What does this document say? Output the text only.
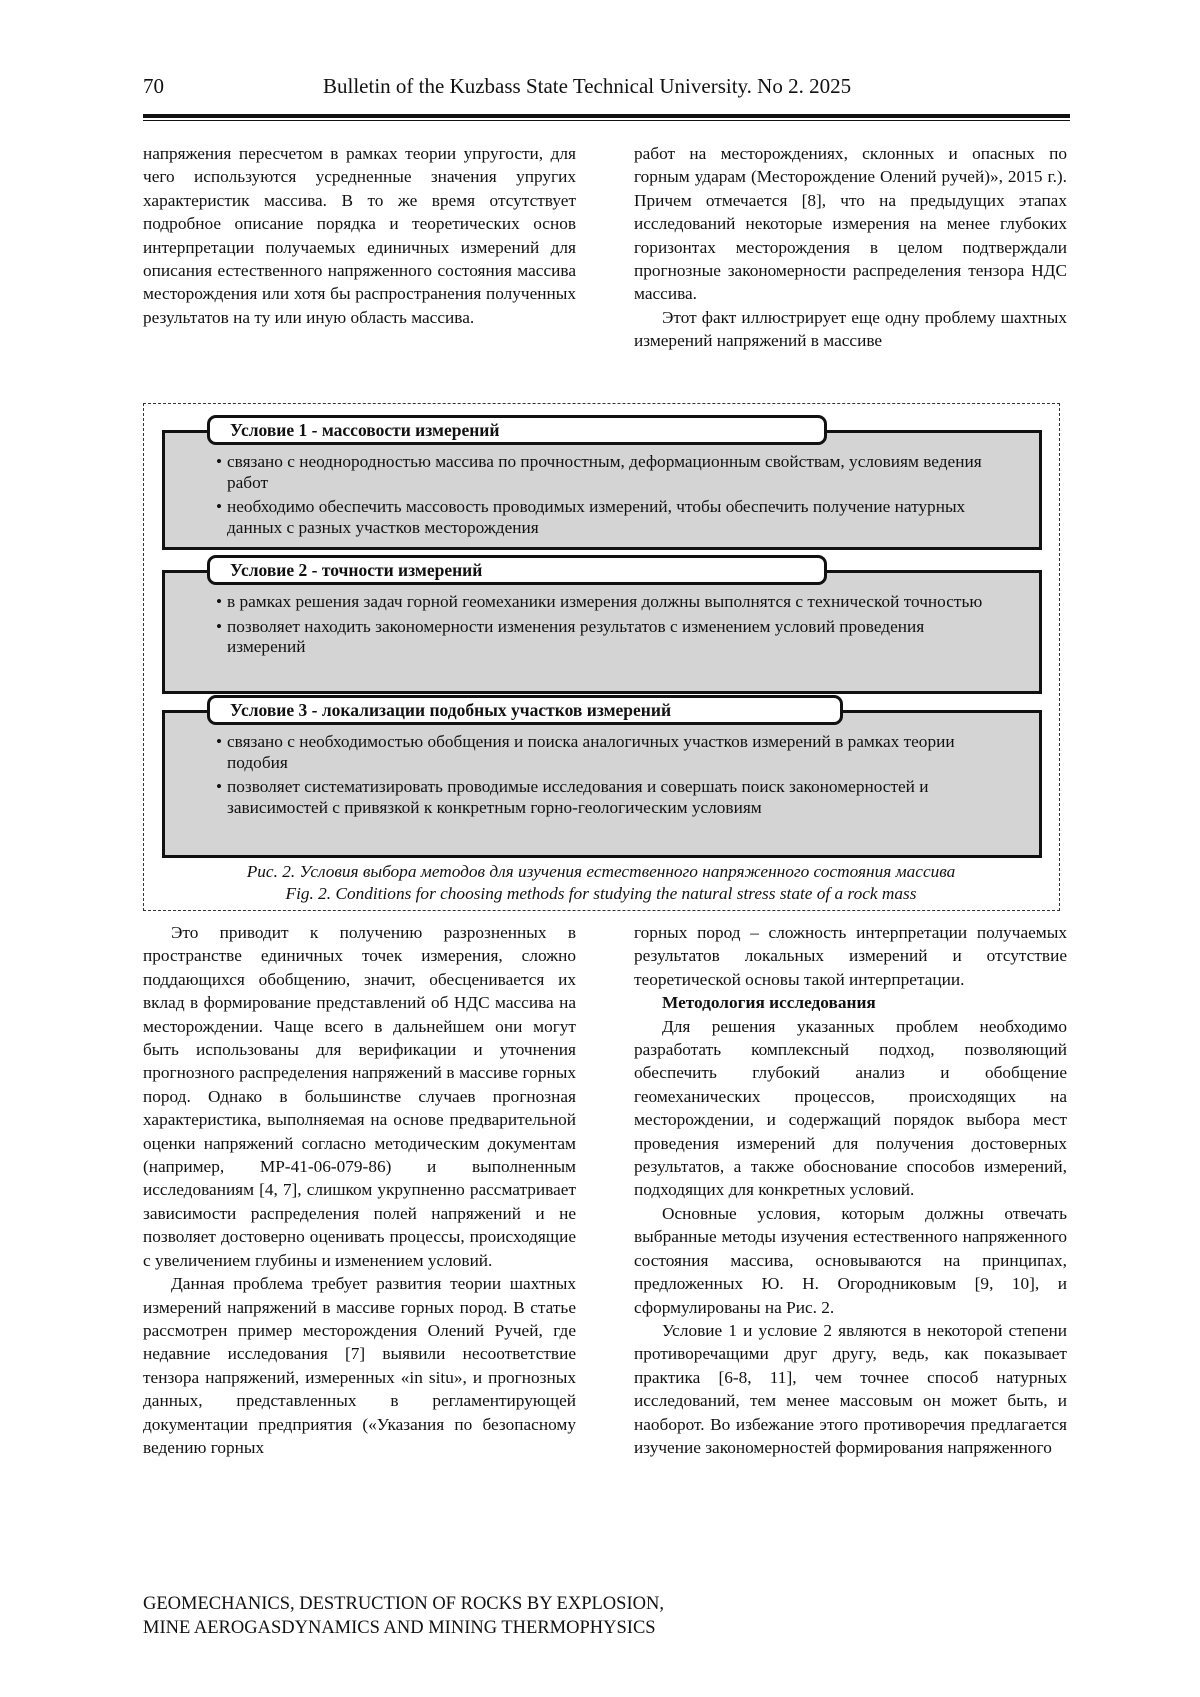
70	Bulletin of the Kuzbass State Technical University. No 2. 2025

напряжения пересчетом в рамках теории упругости, для чего используются усредненные значения упругих характеристик массива. В то же время отсутствует подробное описание порядка и теоретических основ интерпретации получаемых единичных измерений для описания естественного напряженного состояния массива месторождения или хотя бы распространения полученных результатов на ту или иную область массива.

работ на месторождениях, склонных и опасных по горным ударам (Месторождение Олений ручей)», 2015 г.). Причем отмечается [8], что на предыдущих этапах исследований некоторые измерения на менее глубоких горизонтах месторождения в целом подтверждали прогнозные закономерности распределения тензора НДС массива.

Этот факт иллюстрирует еще одну проблему шахтных измерений напряжений в массиве

Условие 1 - массовости измерений
• связано с неоднородностью массива по прочностным, деформационным свойствам, условиям ведения работ
• необходимо обеспечить массовость проводимых измерений, чтобы обеспечить получение натурных данных с разных участков месторождения
Условие 2 - точности измерений
• в рамках решения задач горной геомеханики измерения должны выполнятся с технической точностью
• позволяет находить закономерности изменения результатов с изменением условий проведения измерений
Условие 3 - локализации подобных участков измерений
• связано с необходимостью обобщения и поиска аналогичных участков измерений в рамках теории подобия
• позволяет систематизировать проводимые исследования и совершать поиск закономерностей и зависимостей с привязкой к конкретным горно-геологическим условиям
Рис. 2. Условия выбора методов для изучения естественного напряженного состояния массива
Fig. 2. Conditions for choosing methods for studying the natural stress state of a rock mass

Это приводит к получению разрозненных в пространстве единичных точек измерения, сложно поддающихся обобщению, значит, обесценивается их вклад в формирование представлений об НДС массива на месторождении. Чаще всего в дальнейшем они могут быть использованы для верификации и уточнения прогнозного распределения напряжений в массиве горных пород. Однако в большинстве случаев прогнозная характеристика, выполняемая на основе предварительной оценки напряжений согласно методическим документам (например, МР-41-06-079-86) и выполненным исследованиям [4, 7], слишком укрупненно рассматривает зависимости распределения полей напряжений и не позволяет достоверно оценивать процессы, происходящие с увеличением глубины и изменением условий.

Данная проблема требует развития теории шахтных измерений напряжений в массиве горных пород. В статье рассмотрен пример месторождения Олений Ручей, где недавние исследования [7] выявили несоответствие тензора напряжений, измеренных «in situ», и прогнозных данных, представленных в регламентирующей документации предприятия («Указания по безопасному ведению горных

горных пород – сложность интерпретации получаемых результатов локальных измерений и отсутствие теоретической основы такой интерпретации.

Методология исследования

Для решения указанных проблем необходимо разработать комплексный подход, позволяющий обеспечить глубокий анализ и обобщение геомеханических процессов, происходящих на месторождении, и содержащий порядок выбора мест проведения измерений для получения достоверных результатов, а также обоснование способов измерений, подходящих для конкретных условий.

Основные условия, которым должны отвечать выбранные методы изучения естественного напряженного состояния массива, основываются на принципах, предложенных Ю. Н. Огородниковым [9, 10], и сформулированы на Рис. 2.

Условие 1 и условие 2 являются в некоторой степени противоречащими друг другу, ведь, как показывает практика [6-8, 11], чем точнее способ натурных исследований, тем менее массовым он может быть, и наоборот. Во избежание этого противоречия предлагается изучение закономерностей формирования напряженного

GEOMECHANICS, DESTRUCTION OF ROCKS BY EXPLOSION,
MINE AEROGASDYNAMICS AND MINING THERMOPHYSICS
